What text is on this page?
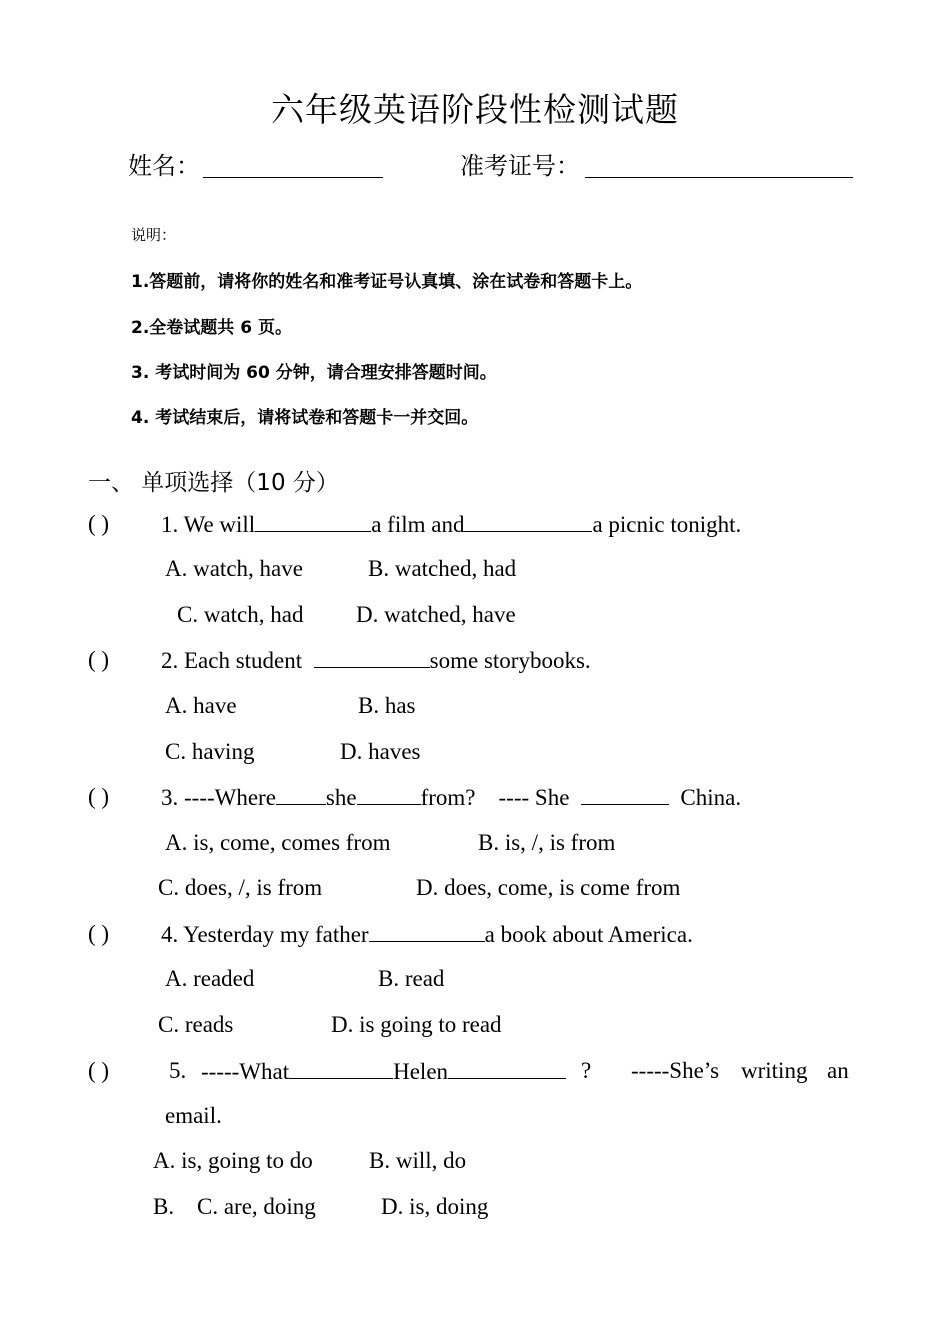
六年级英语阶段性检测试题
姓名：	准考证号：
说明：
1.答题前，请将你的姓名和准考证号认真填、涂在试卷和答题卡上。
2.全卷试题共 6 页。
3. 考试时间为 60 分钟，请合理安排答题时间。
4. 考试结束后，请将试卷和答题卡一并交回。
一、 单项选择（10 分）
( ) 1. We will	a film and	a picnic tonight.
A. watch, have	B. watched, had
C. watch, had D. watched, have
( ) 2. Each student	some storybooks.
A. have	B. has
C. having	D. haves
( ) 3. ----Where she	from? ---- She	China.
A. is, come, comes from	B. is, /, is from
C. does, /, is from	D. does, come, is come from
( ) 4. Yesterday my father	a book about America.
A. readed	B. read
C. reads	D. is going to read
( )	5. -----What	Helen	? -----She’s writing an
email.
A. is, going to do B. will, do
B. C. are, doing	D. is, doing
